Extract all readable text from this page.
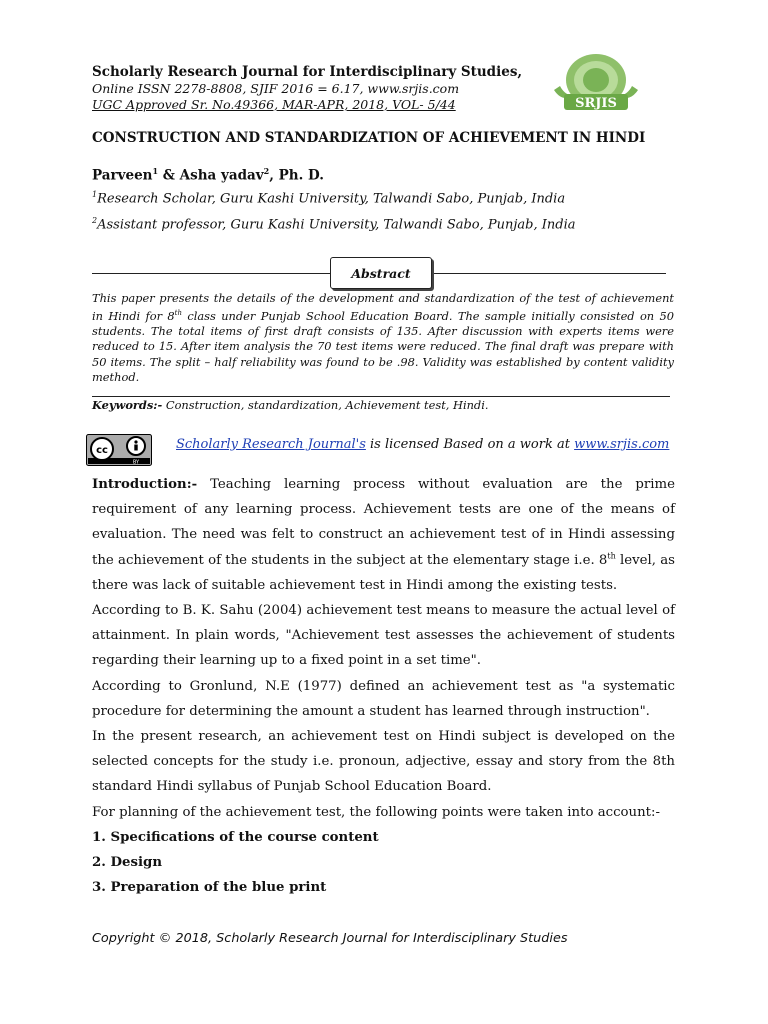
Scholarly Research Journal for Interdisciplinary Studies,
Online ISSN 2278-8808, SJIF 2016 = 6.17, www.srjis.com
UGC Approved Sr. No.49366, MAR-APR, 2018, VOL- 5/44	SRJIS
CONSTRUCTION AND STANDARDIZATION OF ACHIEVEMENT IN HINDI
Parveen$^1$ & Asha yadav$^2$, Ph. D.
$^1$Research Scholar, Guru Kashi University, Talwandi Sabo, Punjab, India
$^2$Assistant professor, Guru Kashi University, Talwandi Sabo, Punjab, India
Abstract
This paper presents the details of the development and standardization of the test of achievement in Hindi for 8th class under Punjab School Education Board. The sample initially consisted on 50 students. The total items of first draft consists of 135. After discussion with experts items were reduced to 15. After item analysis the 70 test items were reduced. The final draft was prepare with 50 items. The split – half reliability was found to be .98. Validity was established by content validity method.
Keywords:- Construction, standardization, Achievement test, Hindi.
cc
BY
Scholarly Research Journal's is licensed Based on a work at www.srjis.com

Introduction:- Teaching learning process without evaluation are the prime requirement of any learning process. Achievement tests are one of the means of evaluation. The need was felt to construct an achievement test of in Hindi assessing the achievement of the students in the subject at the elementary stage i.e. 8th level, as there was lack of suitable achievement test in Hindi among the existing tests.

According to B. K. Sahu (2004) achievement test means to measure the actual level of attainment. In plain words, "Achievement test assesses the achievement of students regarding their learning up to a fixed point in a set time".

According to Gronlund, N.E (1977) defined an achievement test as "a systematic procedure for determining the amount a student has learned through instruction".

In the present research, an achievement test on Hindi subject is developed on the selected concepts for the study i.e. pronoun, adjective, essay and story from the 8th standard Hindi syllabus of Punjab School Education Board.

For planning of the achievement test, the following points were taken into account:-

1. Specifications of the course content

2. Design

3. Preparation of the blue print

Copyright © 2018, Scholarly Research Journal for Interdisciplinary Studies
